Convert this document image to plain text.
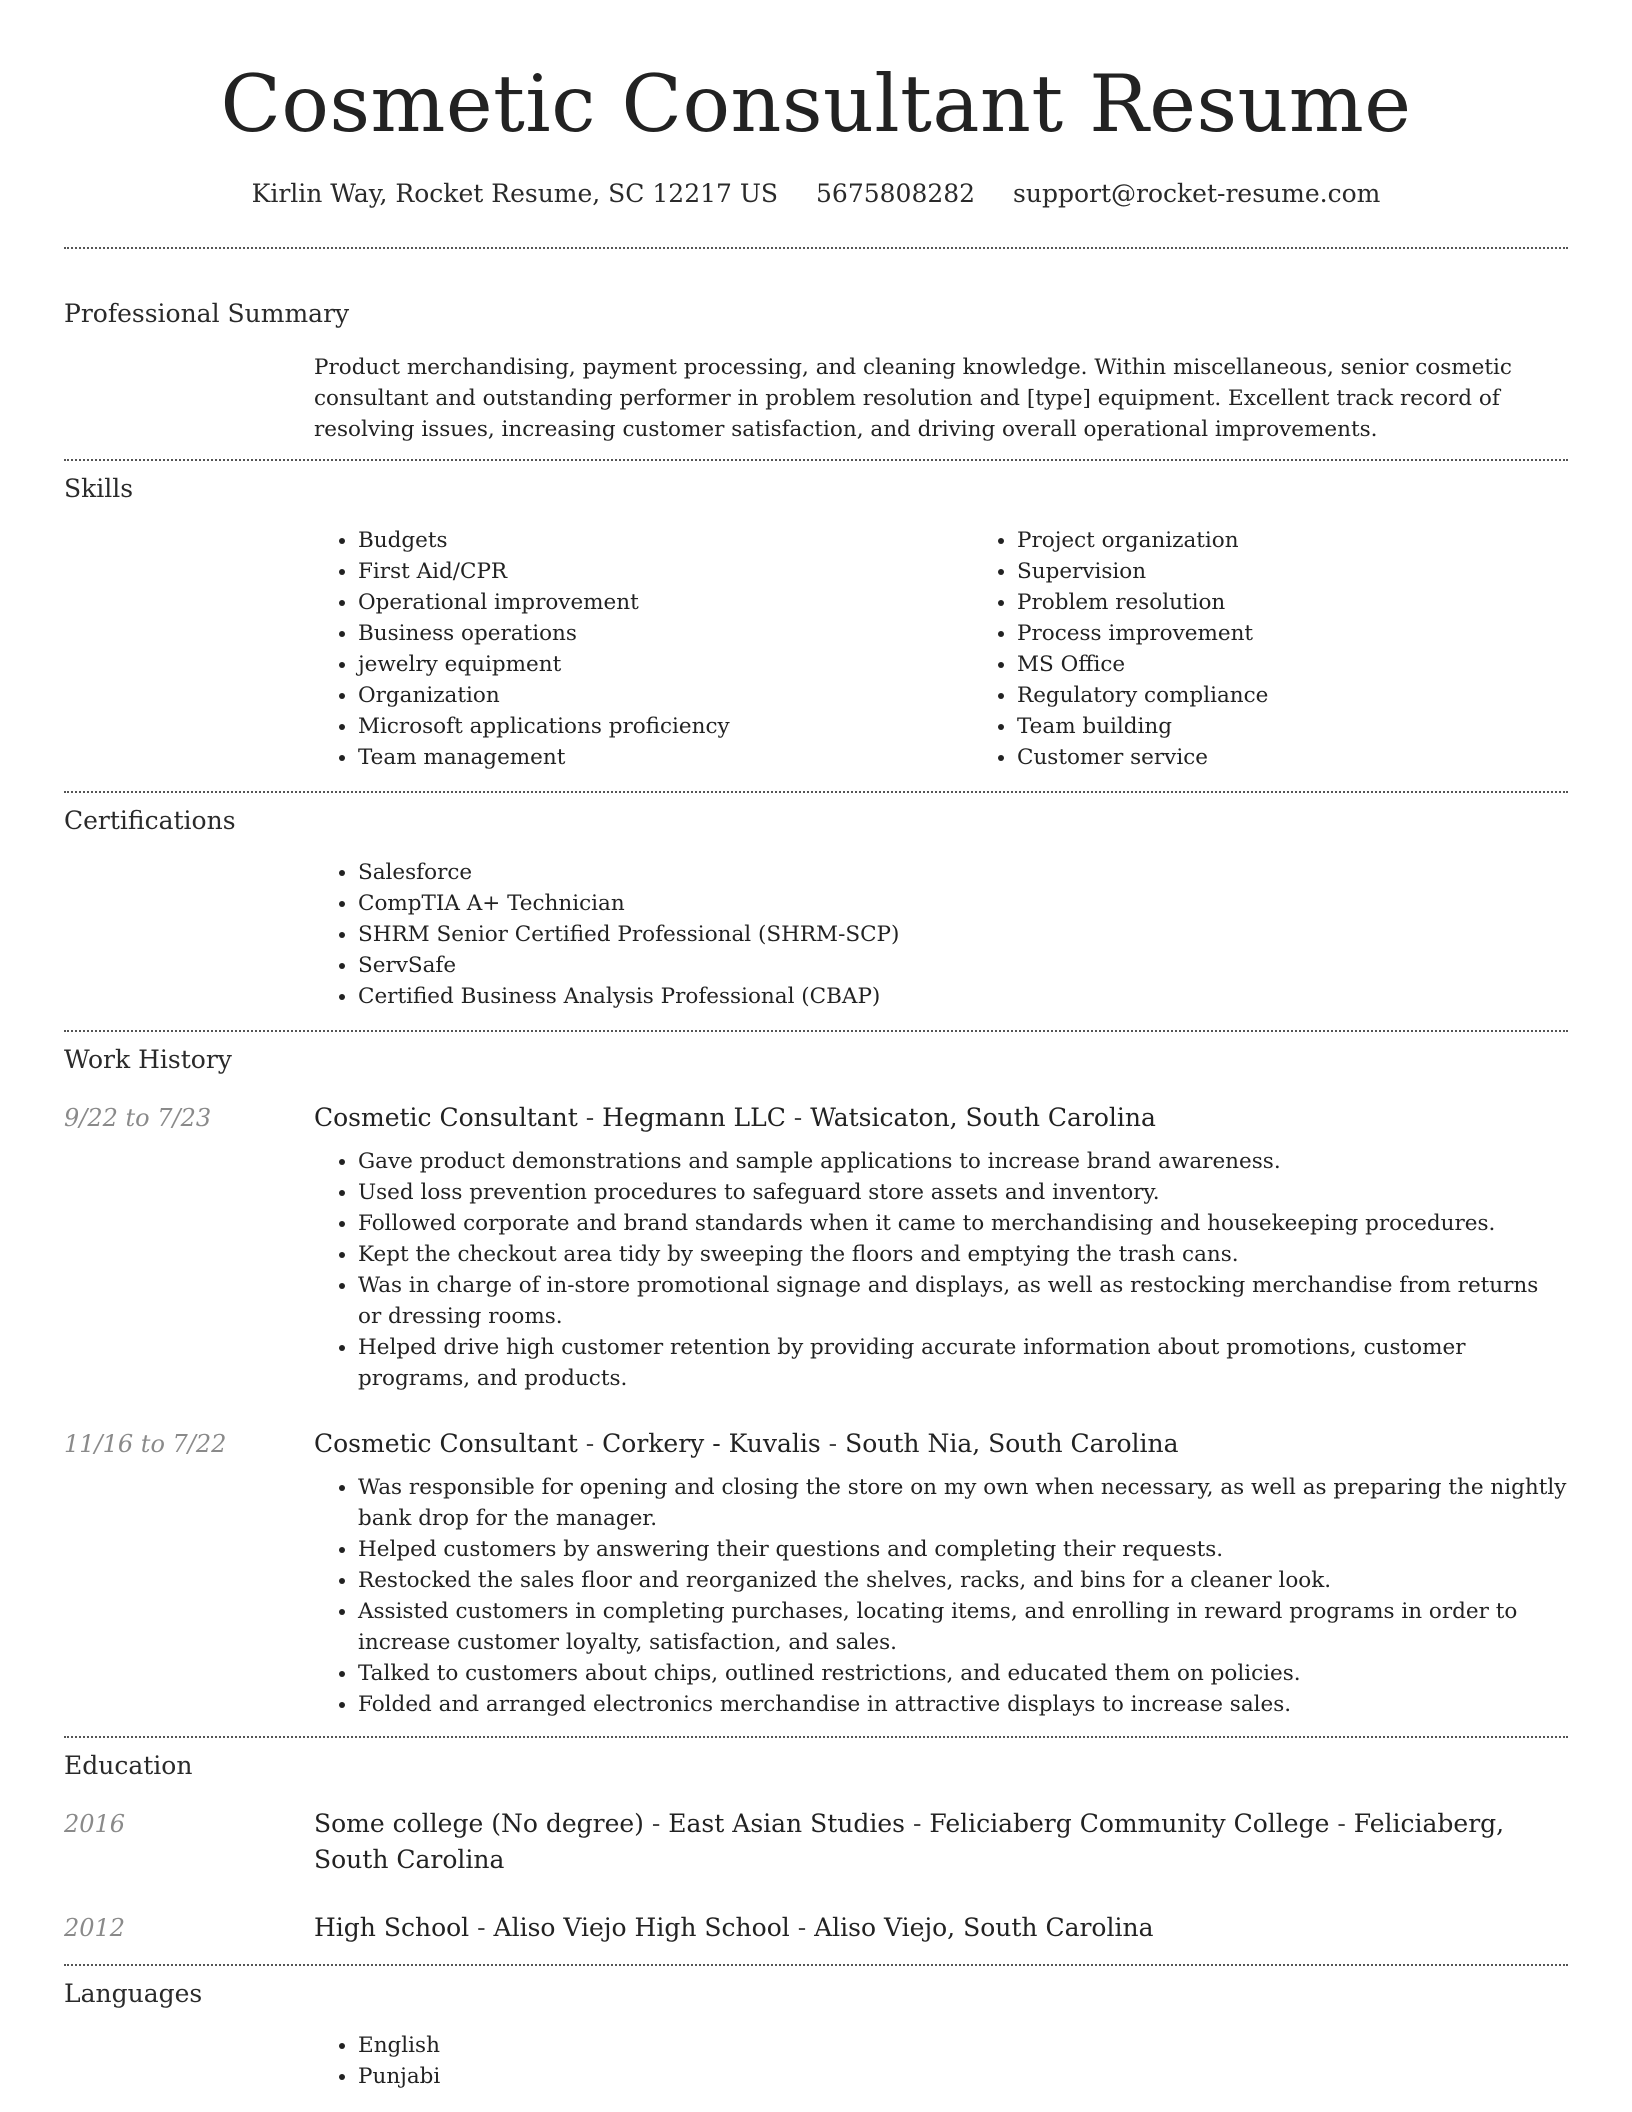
Cosmetic Consultant Resume
Kirlin Way, Rocket Resume, SC 12217 US 5675808282 support@rocket-resume.com
Professional Summary
Product merchandising, payment processing, and cleaning knowledge. Within miscellaneous, senior cosmetic consultant and outstanding performer in problem resolution and [type] equipment. Excellent track record of resolving issues, increasing customer satisfaction, and driving overall operational improvements.
Skills
• Budgets
• First Aid/CPR
• Operational improvement
• Business operations
• jewelry equipment
• Organization
• Microsoft applications proficiency
• Team management
• Project organization
• Supervision
• Problem resolution
• Process improvement
• MS Office
• Regulatory compliance
• Team building
• Customer service
Certifications
• Salesforce
• CompTIA A+ Technician
• SHRM Senior Certified Professional (SHRM-SCP)
• ServSafe
• Certified Business Analysis Professional (CBAP)
Work History
9/22 to 7/23	Cosmetic Consultant - Hegmann LLC - Watsicaton, South Carolina
• Gave product demonstrations and sample applications to increase brand awareness.
• Used loss prevention procedures to safeguard store assets and inventory.
• Followed corporate and brand standards when it came to merchandising and housekeeping procedures.
• Kept the checkout area tidy by sweeping the floors and emptying the trash cans.
• Was in charge of in-store promotional signage and displays, as well as restocking merchandise from returns or dressing rooms.
• Helped drive high customer retention by providing accurate information about promotions, customer programs, and products.
11/16 to 7/22	Cosmetic Consultant - Corkery - Kuvalis - South Nia, South Carolina
• Was responsible for opening and closing the store on my own when necessary, as well as preparing the nightly bank drop for the manager.
• Helped customers by answering their questions and completing their requests.
• Restocked the sales floor and reorganized the shelves, racks, and bins for a cleaner look.
• Assisted customers in completing purchases, locating items, and enrolling in reward programs in order to increase customer loyalty, satisfaction, and sales.
• Talked to customers about chips, outlined restrictions, and educated them on policies.
• Folded and arranged electronics merchandise in attractive displays to increase sales.
Education
2016	Some college (No degree) - East Asian Studies - Feliciaberg Community College - Feliciaberg, South Carolina
2012	High School - Aliso Viejo High School - Aliso Viejo, South Carolina
Languages
• English
• Punjabi
